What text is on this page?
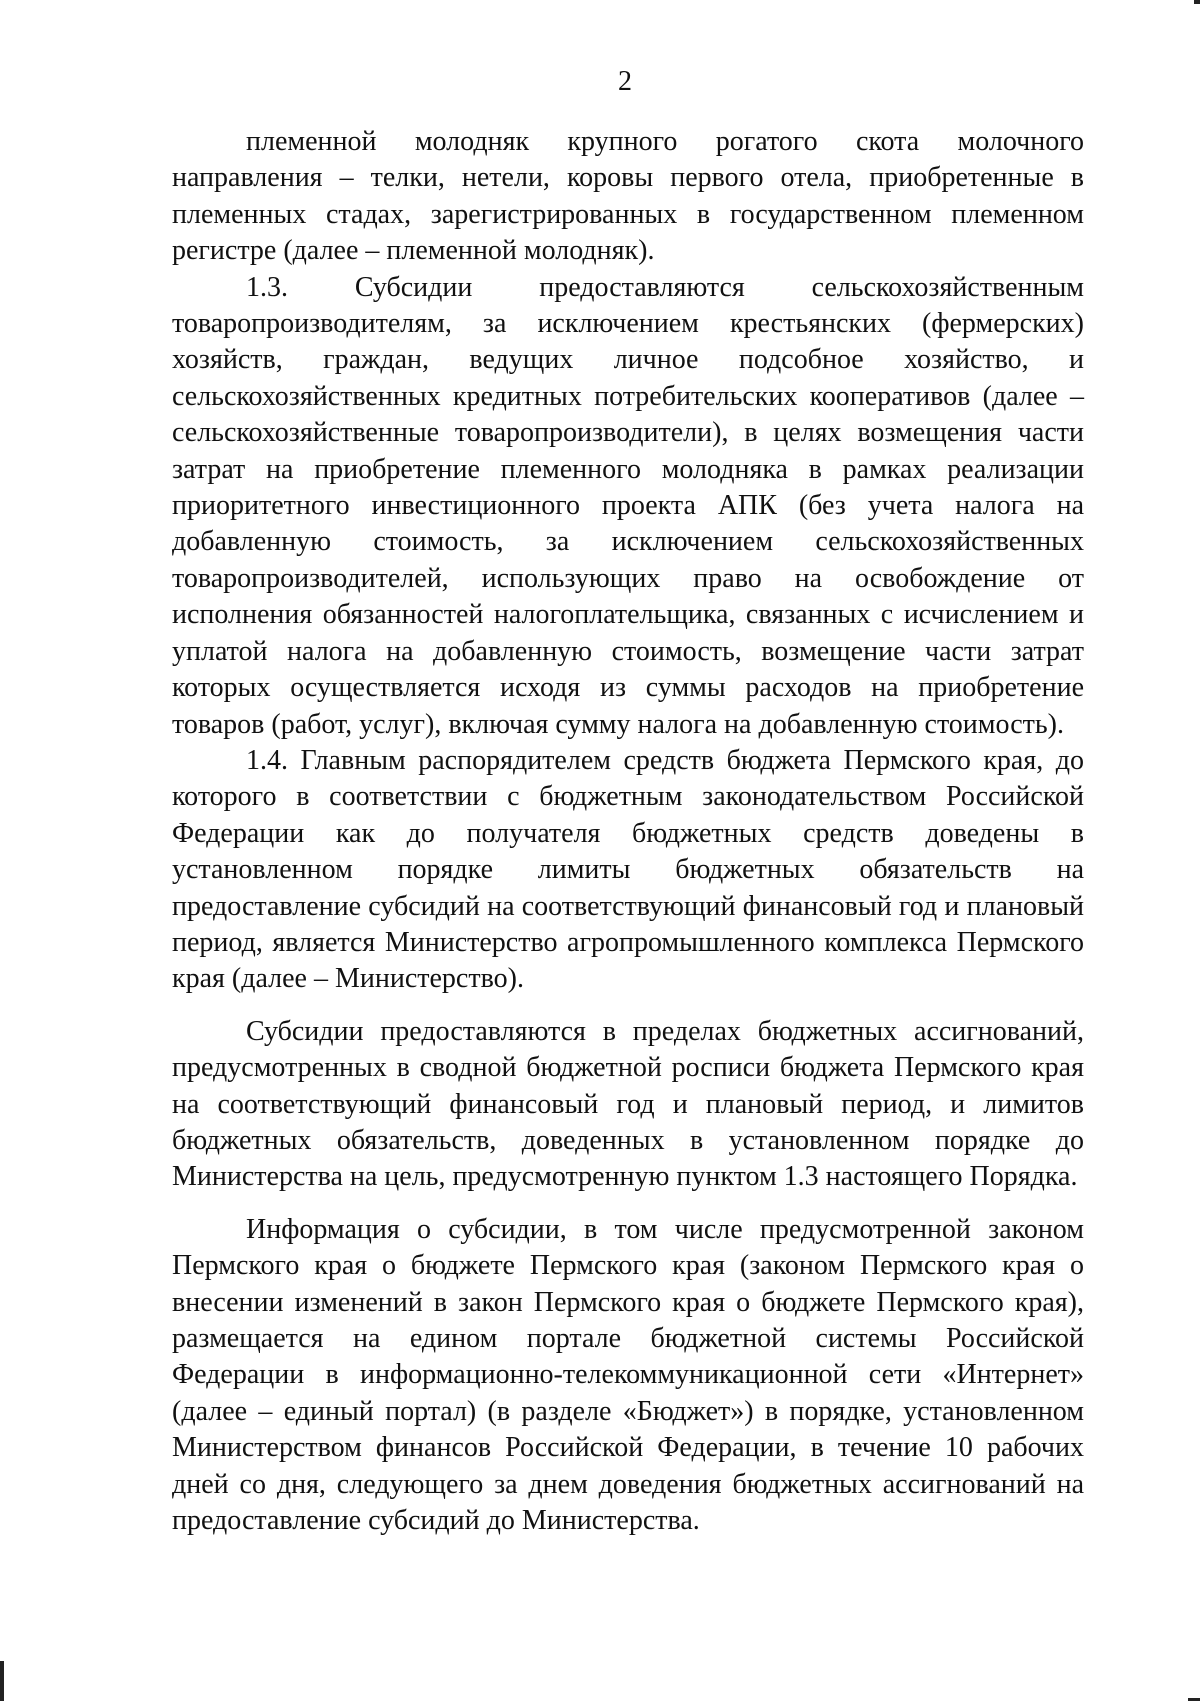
2

племенной молодняк крупного рогатого скота молочного направления – телки, нетели, коровы первого отела, приобретенные в племенных стадах, зарегистрированных в государственном племенном регистре (далее – племенной молодняк).

1.3. Субсидии предоставляются сельскохозяйственным товаропроизводителям, за исключением крестьянских (фермерских) хозяйств, граждан, ведущих личное подсобное хозяйство, и сельскохозяйственных кредитных потребительских кооперативов (далее – сельскохозяйственные товаропроизводители), в целях возмещения части затрат на приобретение племенного молодняка в рамках реализации приоритетного инвестиционного проекта АПК (без учета налога на добавленную стоимость, за исключением сельскохозяйственных товаропроизводителей, использующих право на освобождение от исполнения обязанностей налогоплательщика, связанных с исчислением и уплатой налога на добавленную стоимость, возмещение части затрат которых осуществляется исходя из суммы расходов на приобретение товаров (работ, услуг), включая сумму налога на добавленную стоимость).

1.4. Главным распорядителем средств бюджета Пермского края, до которого в соответствии с бюджетным законодательством Российской Федерации как до получателя бюджетных средств доведены в установленном порядке лимиты бюджетных обязательств на предоставление субсидий на соответствующий финансовый год и плановый период, является Министерство агропромышленного комплекса Пермского края (далее – Министерство).

Субсидии предоставляются в пределах бюджетных ассигнований, предусмотренных в сводной бюджетной росписи бюджета Пермского края на соответствующий финансовый год и плановый период, и лимитов бюджетных обязательств, доведенных в установленном порядке до Министерства на цель, предусмотренную пунктом 1.3 настоящего Порядка.

Информация о субсидии, в том числе предусмотренной законом Пермского края о бюджете Пермского края (законом Пермского края о внесении изменений в закон Пермского края о бюджете Пермского края), размещается на едином портале бюджетной системы Российской Федерации в информационно-телекоммуникационной сети «Интернет» (далее – единый портал) (в разделе «Бюджет») в порядке, установленном Министерством финансов Российской Федерации, в течение 10 рабочих дней со дня, следующего за днем доведения бюджетных ассигнований на предоставление субсидий до Министерства.
